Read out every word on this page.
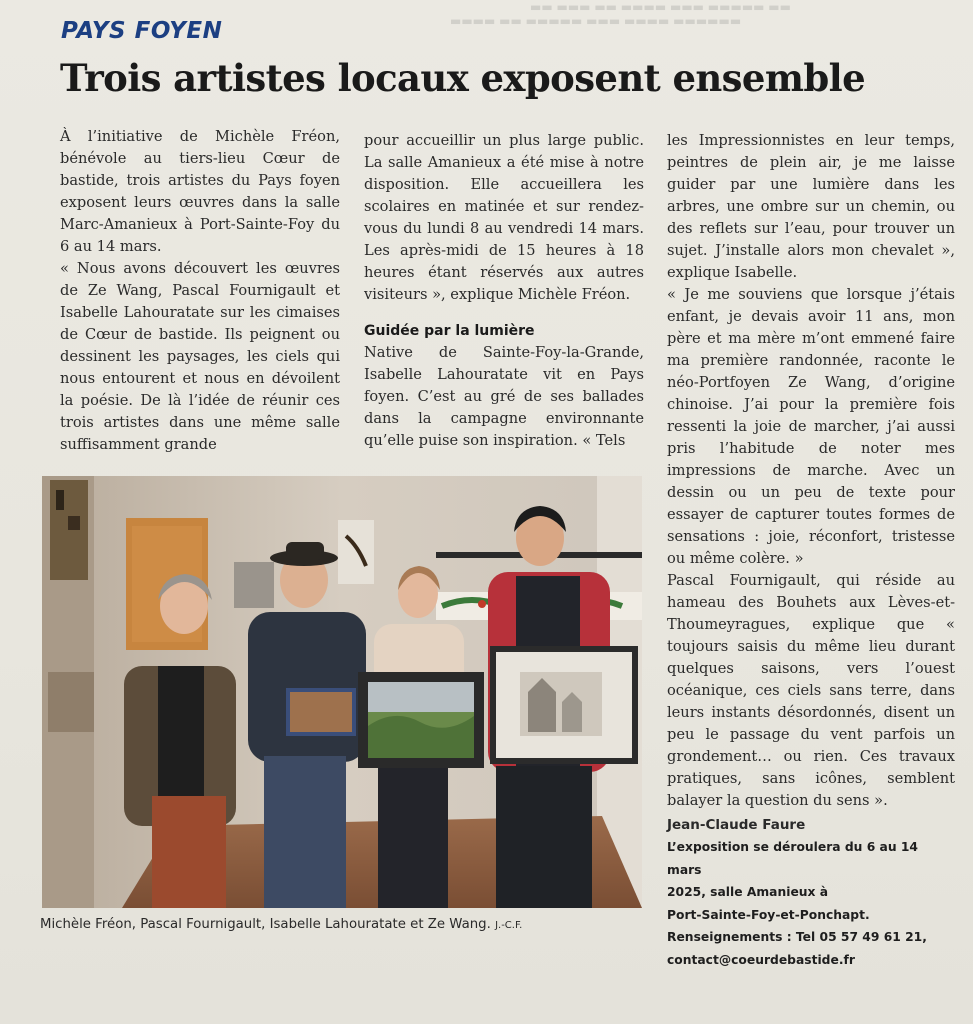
▬▬ ▬▬▬ ▬▬ ▬▬▬▬ ▬▬▬ ▬▬▬▬▬ ▬▬
▬▬▬▬ ▬▬ ▬▬▬▬▬ ▬▬▬ ▬▬▬▬ ▬▬▬▬▬▬
PAYS FOYEN
Trois artistes locaux exposent ensemble

À l’initiative de Michèle Fréon, bénévole au tiers-lieu Cœur de bastide, trois artistes du Pays foyen exposent leurs œuvres dans la salle Marc-Amanieux à Port-Sainte-Foy du 6 au 14 mars.

« Nous avons découvert les œuvres de Ze Wang, Pascal Fournigault et Isabelle Lahouratate sur les cimaises de Cœur de bastide. Ils peignent ou dessinent les paysages, les ciels qui nous entourent et nous en dévoilent la poésie. De là l’idée de réunir ces trois artistes dans une même salle suffisamment grande

pour accueillir un plus large public. La salle Amanieux a été mise à notre disposition. Elle accueillera les scolaires en matinée et sur rendez-vous du lundi 8 au vendredi 14 mars. Les après-midi de 15 heures à 18 heures étant réservés aux autres visiteurs », explique Michèle Fréon.

Guidée par la lumière

Native de Sainte-Foy-la-Grande, Isabelle Lahouratate vit en Pays foyen. C’est au gré de ses ballades dans la campagne environnante qu’elle puise son inspiration. « Tels

les Impressionnistes en leur temps, peintres de plein air, je me laisse guider par une lumière dans les arbres, une ombre sur un chemin, ou des reflets sur l’eau, pour trouver un sujet. J’installe alors mon chevalet », explique Isabelle.

« Je me souviens que lorsque j’étais enfant, je devais avoir 11 ans, mon père et ma mère m’ont emmené faire ma première randonnée, raconte le néo-Portfoyen Ze Wang, d’origine chinoise. J’ai pour la première fois ressenti la joie de marcher, j’ai aussi pris l’habitude de noter mes impressions de marche. Avec un dessin ou un peu de texte pour essayer de capturer toutes formes de sensations : joie, réconfort, tristesse ou même colère. »

Pascal Fournigault, qui réside au hameau des Bouhets aux Lèves-et-Thoumeyragues, explique que « toujours saisis du même lieu durant quelques saisons, vers l’ouest océanique, ces ciels sans terre, dans leurs instants désordonnés, disent un peu le passage du vent parfois un grondement… ou rien. Ces travaux pratiques, sans icônes, semblent balayer la question du sens ».

Jean-Claude Faure
L’exposition se déroulera du 6 au 14 mars
2025, salle Amanieux à
Port-Sainte-Foy-et-Ponchapt.
Renseignements : Tel 05 57 49 61 21,
contact@coeurdebastide.fr
Michèle Fréon, Pascal Fournigault, Isabelle Lahouratate et Ze Wang. J.-C.F.
